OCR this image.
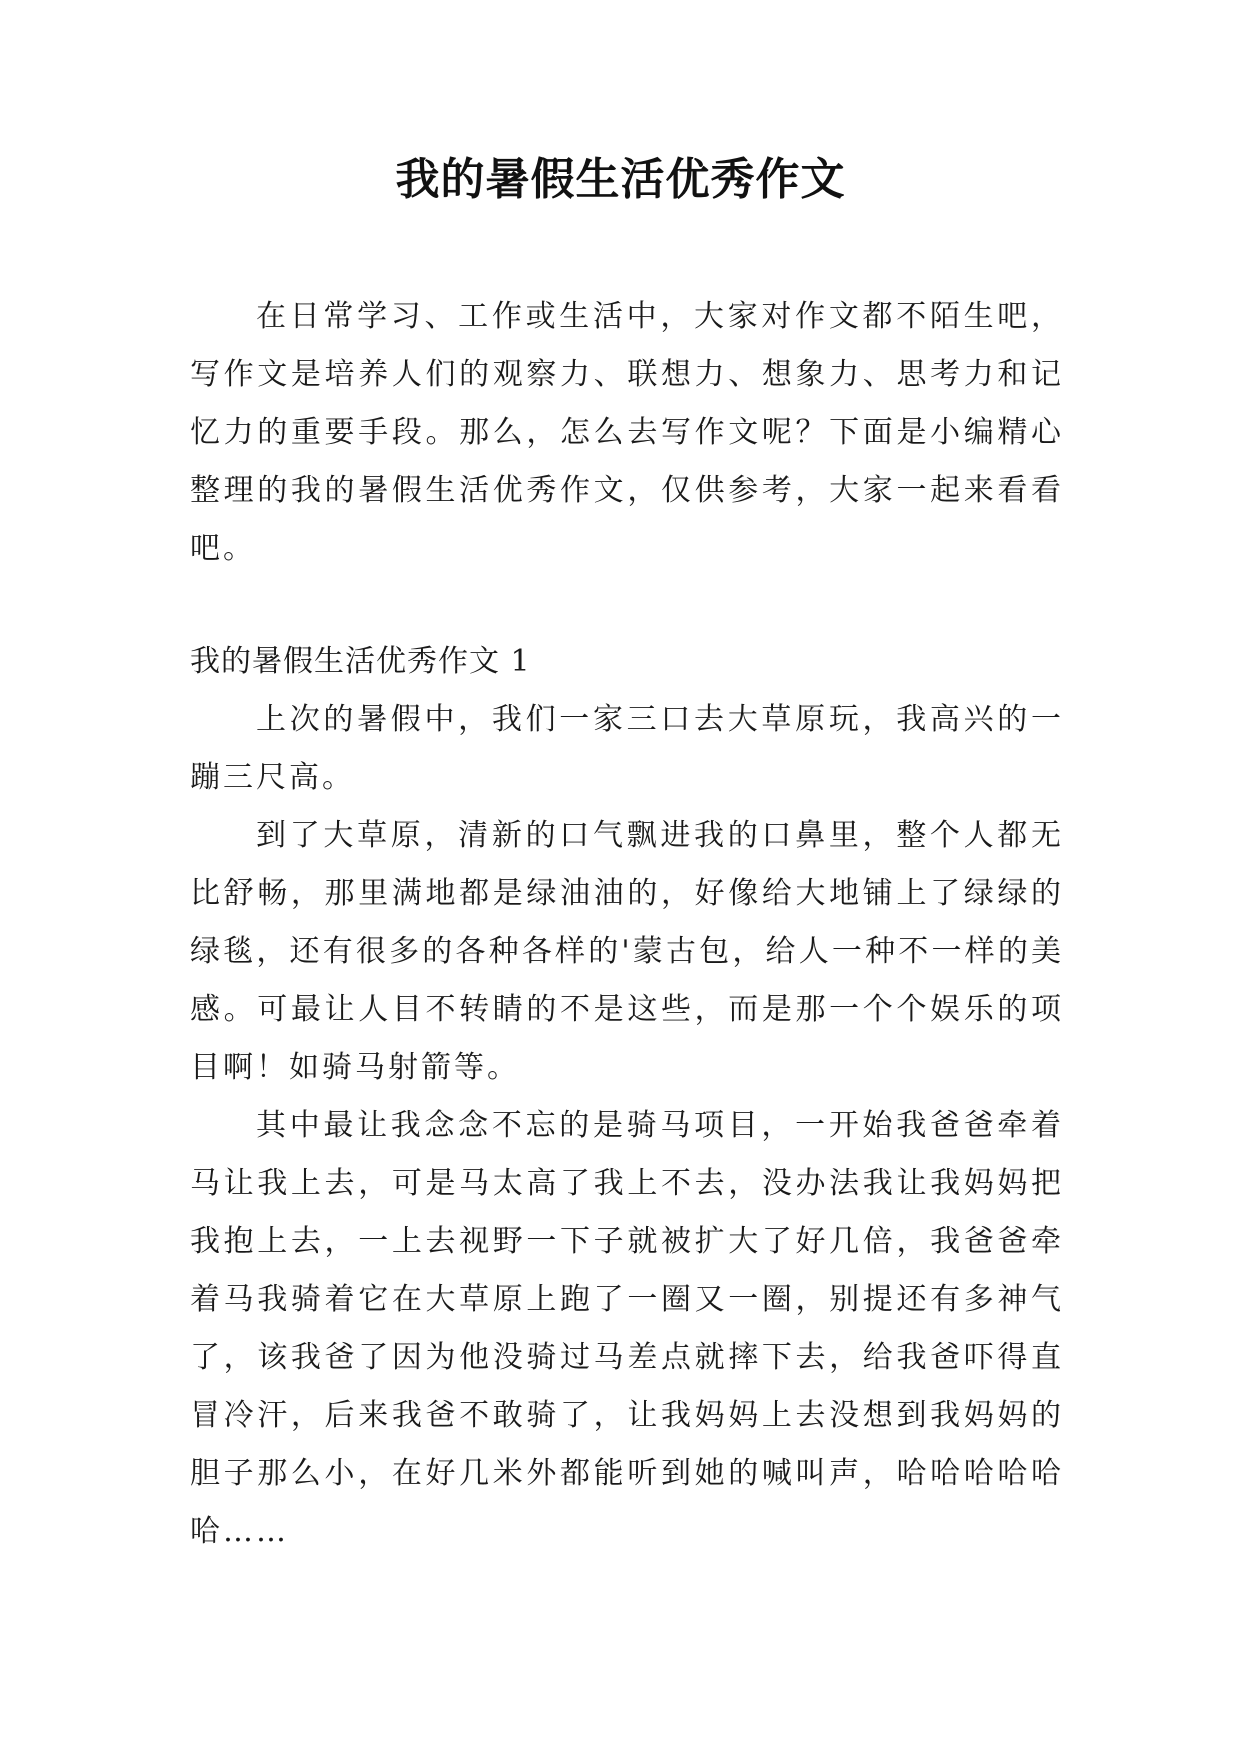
我的暑假生活优秀作文

在日常学习、工作或生活中，大家对作文都不陌生吧，写作文是培养人们的观察力、联想力、想象力、思考力和记忆力的重要手段。那么，怎么去写作文呢？下面是小编精心整理的我的暑假生活优秀作文，仅供参考，大家一起来看看吧。

我的暑假生活优秀作文 1

上次的暑假中，我们一家三口去大草原玩，我高兴的一蹦三尺高。

到了大草原，清新的口气飘进我的口鼻里，整个人都无比舒畅，那里满地都是绿油油的，好像给大地铺上了绿绿的绿毯，还有很多的各种各样的'蒙古包，给人一种不一样的美感。可最让人目不转睛的不是这些，而是那一个个娱乐的项目啊！如骑马射箭等。

其中最让我念念不忘的是骑马项目，一开始我爸爸牵着马让我上去，可是马太高了我上不去，没办法我让我妈妈把我抱上去，一上去视野一下子就被扩大了好几倍，我爸爸牵着马我骑着它在大草原上跑了一圈又一圈，别提还有多神气了，该我爸了因为他没骑过马差点就摔下去，给我爸吓得直冒冷汗，后来我爸不敢骑了，让我妈妈上去没想到我妈妈的胆子那么小，在好几米外都能听到她的喊叫声，哈哈哈哈哈哈……
